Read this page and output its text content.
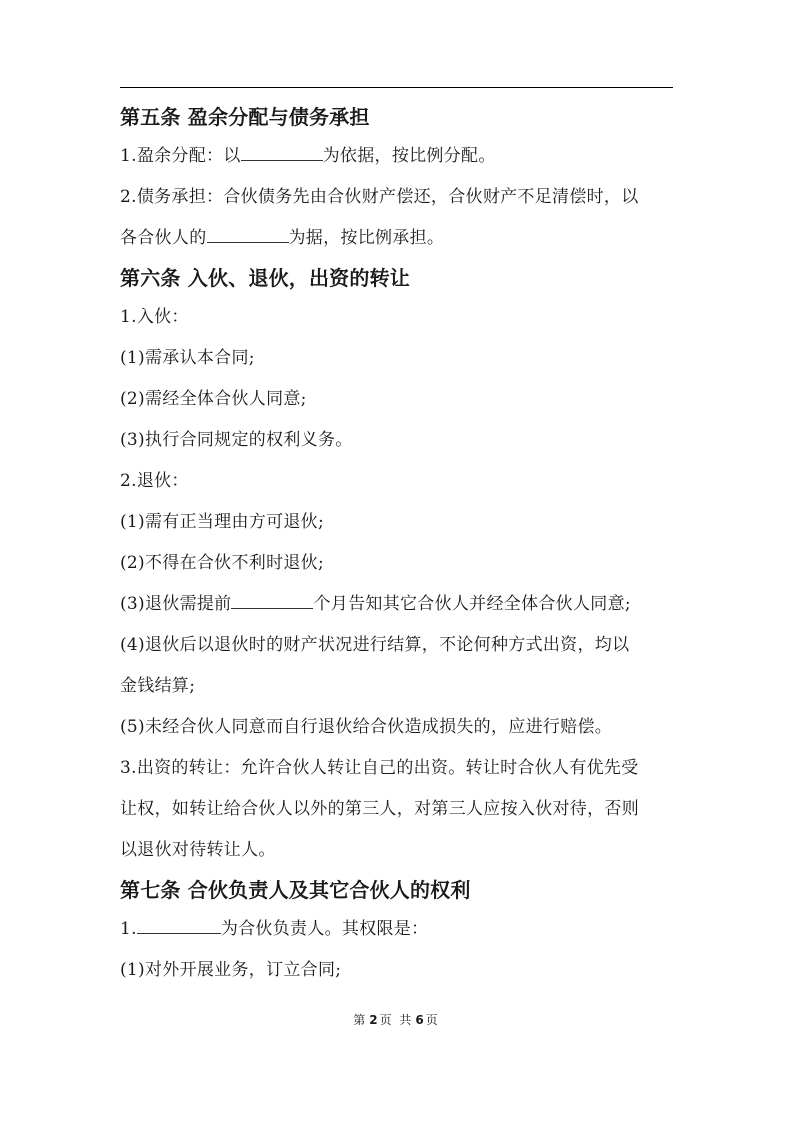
第五条 盈余分配与债务承担

1.盈余分配：以	为依据，按比例分配。

2.债务承担：合伙债务先由合伙财产偿还，合伙财产不足清偿时，以

各合伙人的	为据，按比例承担。

第六条 入伙、退伙，出资的转让

1.入伙：

(1)需承认本合同;

(2)需经全体合伙人同意;

(3)执行合同规定的权利义务。

2.退伙：

(1)需有正当理由方可退伙;

(2)不得在合伙不利时退伙;

(3)退伙需提前	个月告知其它合伙人并经全体合伙人同意;

(4)退伙后以退伙时的财产状况进行结算，不论何种方式出资，均以

金钱结算;

(5)未经合伙人同意而自行退伙给合伙造成损失的，应进行赔偿。

3.出资的转让：允许合伙人转让自己的出资。转让时合伙人有优先受

让权，如转让给合伙人以外的第三人，对第三人应按入伙对待，否则

以退伙对待转让人。

第七条 合伙负责人及其它合伙人的权利

1.	为合伙负责人。其权限是：

(1)对外开展业务，订立合同;

第 2 页 共 6 页
